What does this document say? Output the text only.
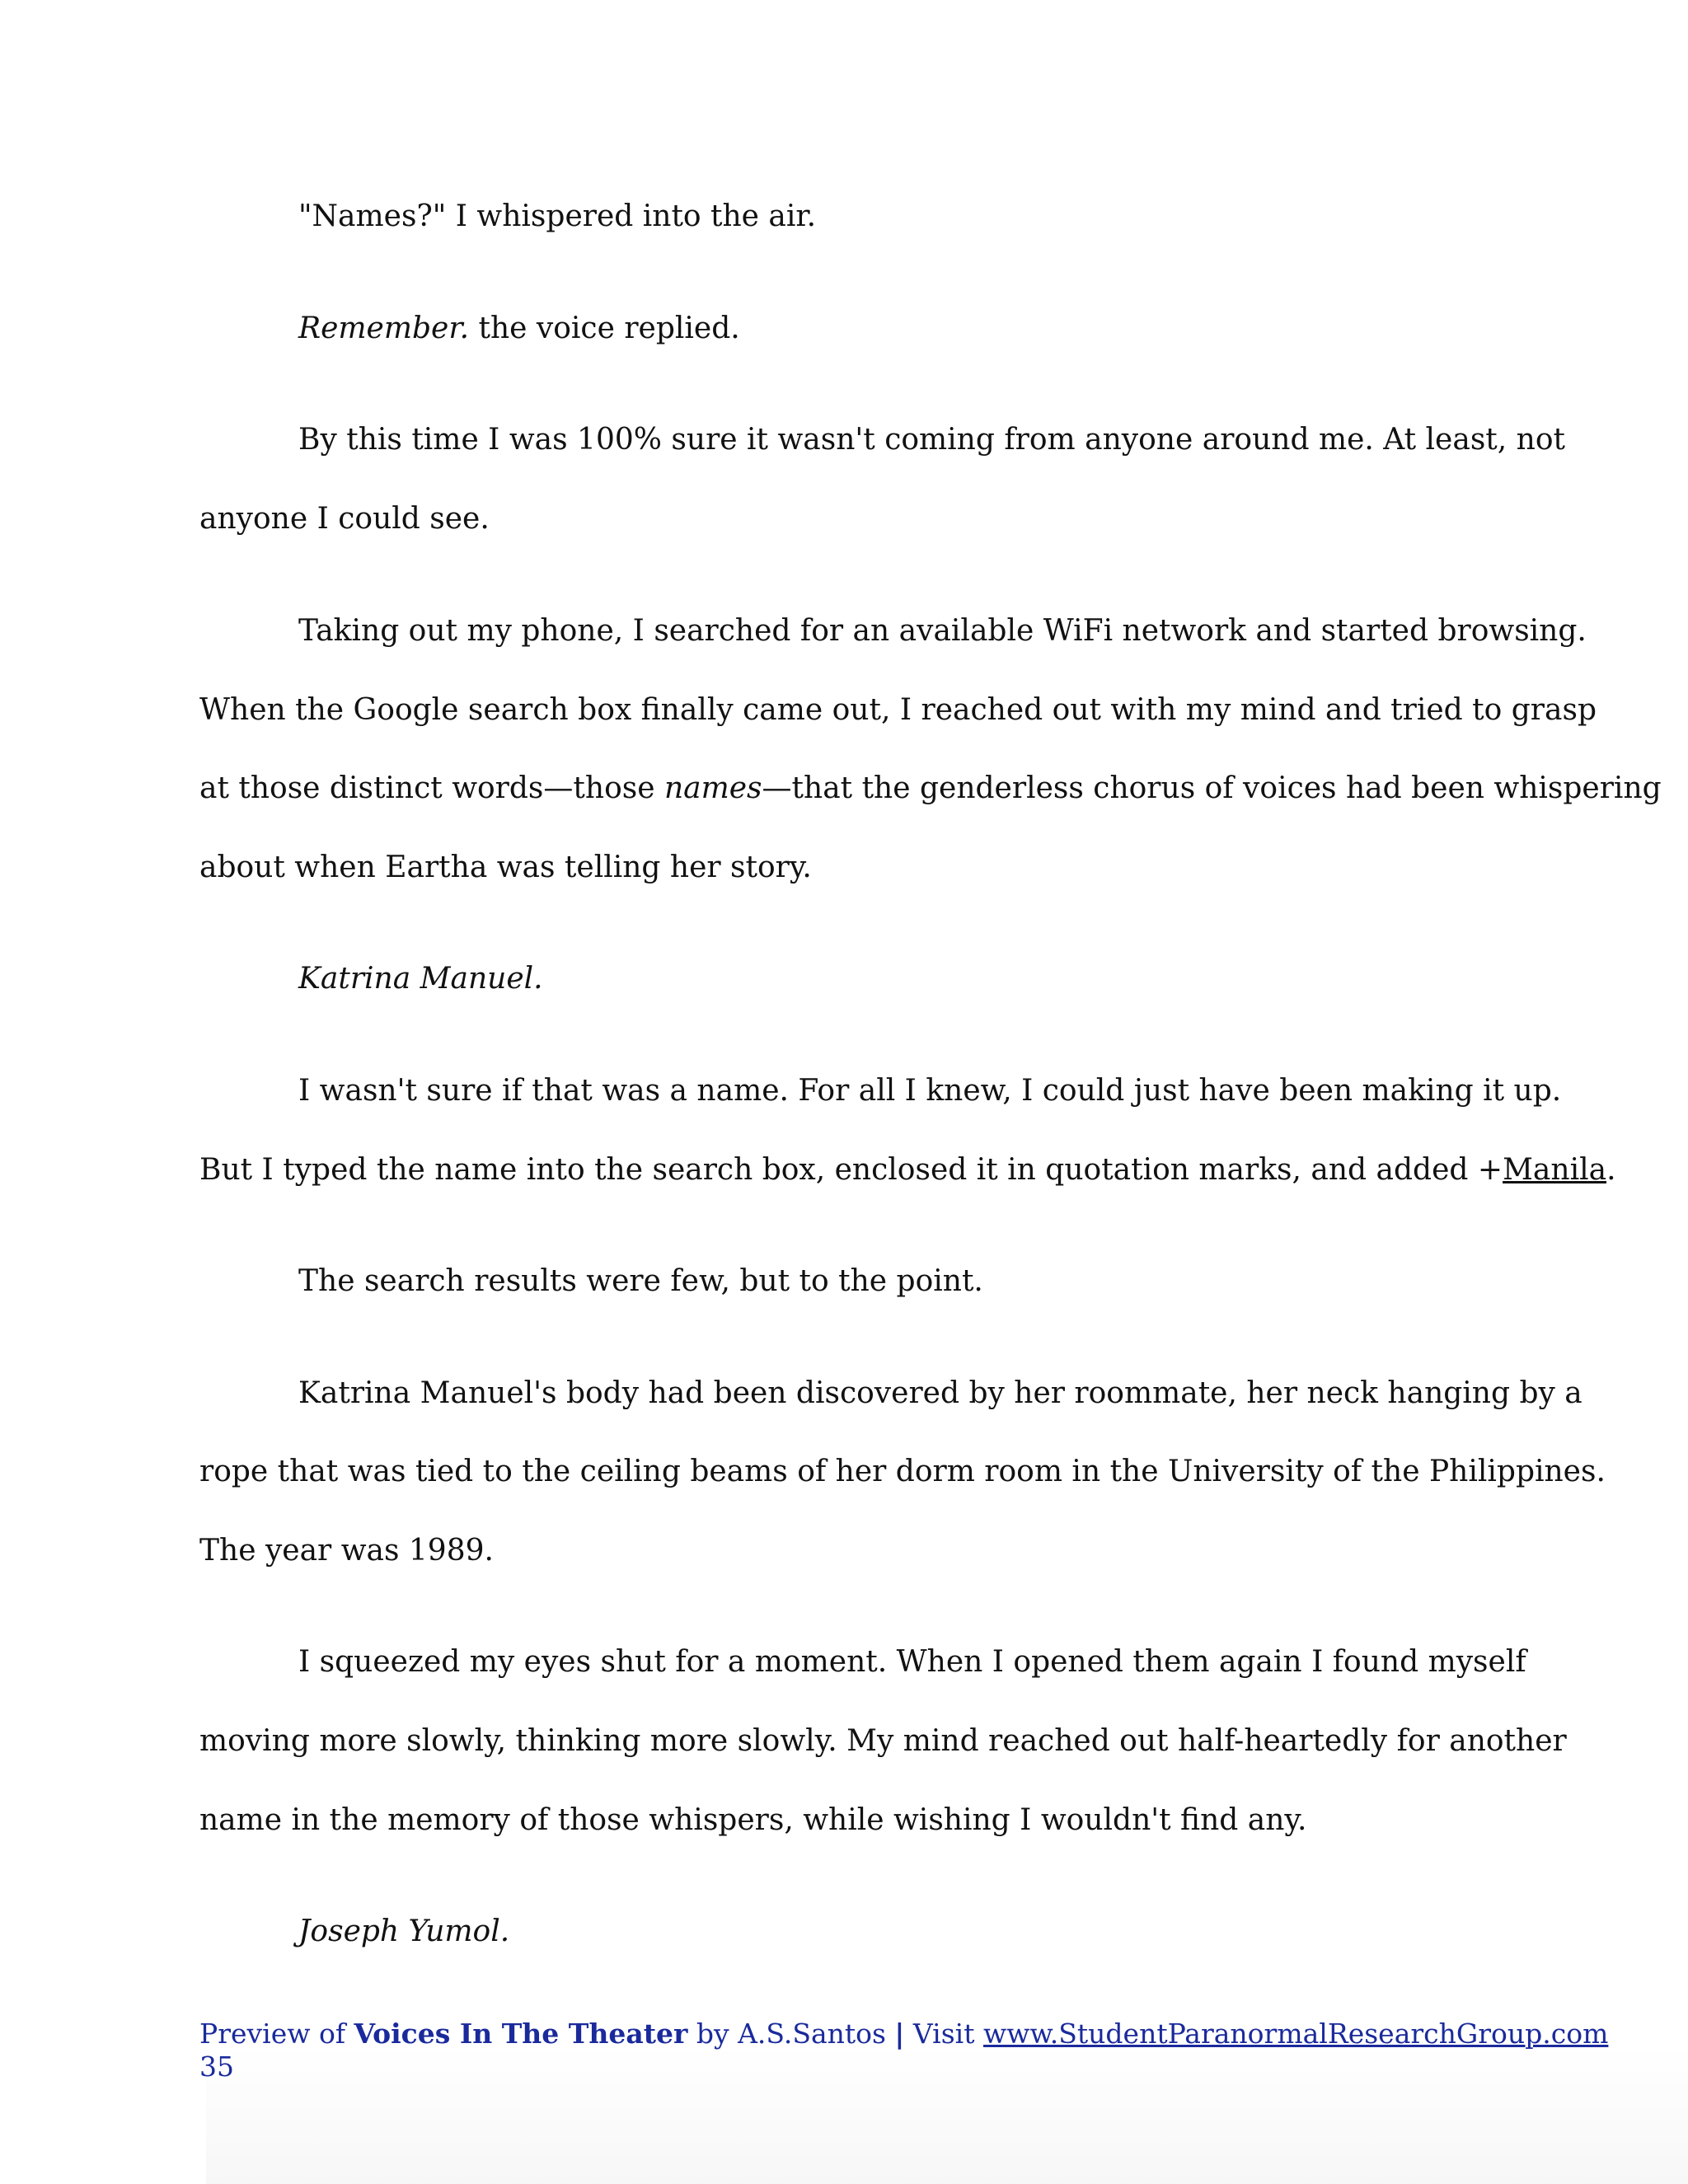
"Names?" I whispered into the air.

Remember. the voice replied.

By this time I was 100% sure it wasn't coming from anyone around me. At least, not

anyone I could see.

Taking out my phone, I searched for an available WiFi network and started browsing.

When the Google search box finally came out, I reached out with my mind and tried to grasp

at those distinct words—those names—that the genderless chorus of voices had been whispering

about when Eartha was telling her story.

Katrina Manuel.

I wasn't sure if that was a name. For all I knew, I could just have been making it up.

But I typed the name into the search box, enclosed it in quotation marks, and added +Manila.

The search results were few, but to the point.

Katrina Manuel's body had been discovered by her roommate, her neck hanging by a

rope that was tied to the ceiling beams of her dorm room in the University of the Philippines.

The year was 1989.

I squeezed my eyes shut for a moment. When I opened them again I found myself

moving more slowly, thinking more slowly. My mind reached out half-heartedly for another

name in the memory of those whispers, while wishing I wouldn't find any.

Joseph Yumol.

Preview of Voices In The Theater by A.S.Santos | Visit www.StudentParanormalResearchGroup.com
35
